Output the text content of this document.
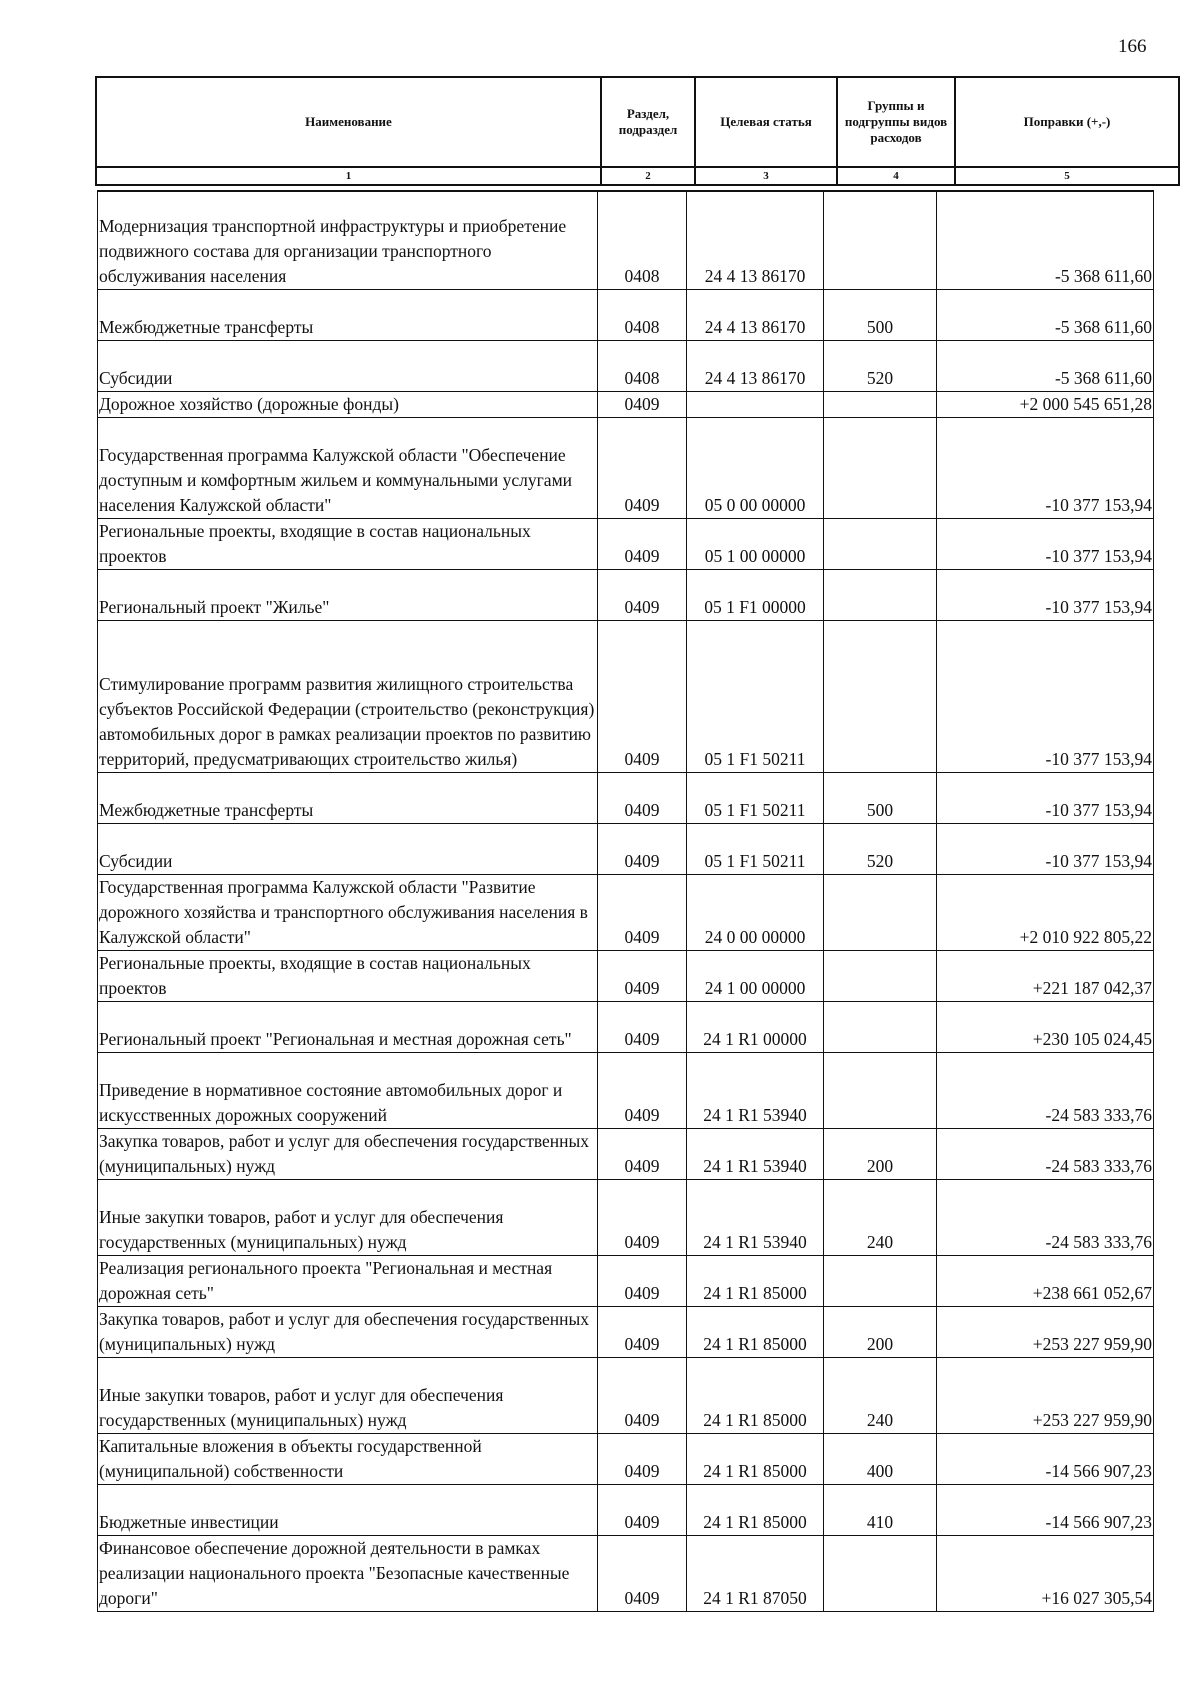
166
Наименование	Раздел, подраздел	Целевая статья	Группы и подгруппы видов расходов	Поправки (+,-)
1	2	3	4	5
Модернизация транспортной инфраструктуры и приобретение подвижного состава для организации транспортного обслуживания населения	0408	24 4 13 86170		-5 368 611,60
Межбюджетные трансферты	0408	24 4 13 86170	500	-5 368 611,60
Субсидии	0408	24 4 13 86170	520	-5 368 611,60
Дорожное хозяйство (дорожные фонды)	0409			+2 000 545 651,28
Государственная программа Калужской области "Обеспечение доступным и комфортным жильем и коммунальными услугами населения Калужской области"	0409	05 0 00 00000		-10 377 153,94
Региональные проекты, входящие в состав национальных проектов	0409	05 1 00 00000		-10 377 153,94
Региональный проект "Жилье"	0409	05 1 F1 00000		-10 377 153,94
Стимулирование программ развития жилищного строительства субъектов Российской Федерации (строительство (реконструкция) автомобильных дорог в рамках реализации проектов по развитию территорий, предусматривающих строительство жилья)	0409	05 1 F1 50211		-10 377 153,94
Межбюджетные трансферты	0409	05 1 F1 50211	500	-10 377 153,94
Субсидии	0409	05 1 F1 50211	520	-10 377 153,94
Государственная программа Калужской области "Развитие дорожного хозяйства и транспортного обслуживания населения в Калужской области"	0409	24 0 00 00000		+2 010 922 805,22
Региональные проекты, входящие в состав национальных проектов	0409	24 1 00 00000		+221 187 042,37
Региональный проект "Региональная и местная дорожная сеть"	0409	24 1 R1 00000		+230 105 024,45
Приведение в нормативное состояние автомобильных дорог и искусственных дорожных сооружений	0409	24 1 R1 53940		-24 583 333,76
Закупка товаров, работ и услуг для обеспечения государственных (муниципальных) нужд	0409	24 1 R1 53940	200	-24 583 333,76
Иные закупки товаров, работ и услуг для обеспечения государственных (муниципальных) нужд	0409	24 1 R1 53940	240	-24 583 333,76
Реализация регионального проекта "Региональная и местная дорожная сеть"	0409	24 1 R1 85000		+238 661 052,67
Закупка товаров, работ и услуг для обеспечения государственных (муниципальных) нужд	0409	24 1 R1 85000	200	+253 227 959,90
Иные закупки товаров, работ и услуг для обеспечения государственных (муниципальных) нужд	0409	24 1 R1 85000	240	+253 227 959,90
Капитальные вложения в объекты государственной (муниципальной) собственности	0409	24 1 R1 85000	400	-14 566 907,23
Бюджетные инвестиции	0409	24 1 R1 85000	410	-14 566 907,23
Финансовое обеспечение дорожной деятельности в рамках реализации национального проекта "Безопасные качественные дороги"	0409	24 1 R1 87050		+16 027 305,54
